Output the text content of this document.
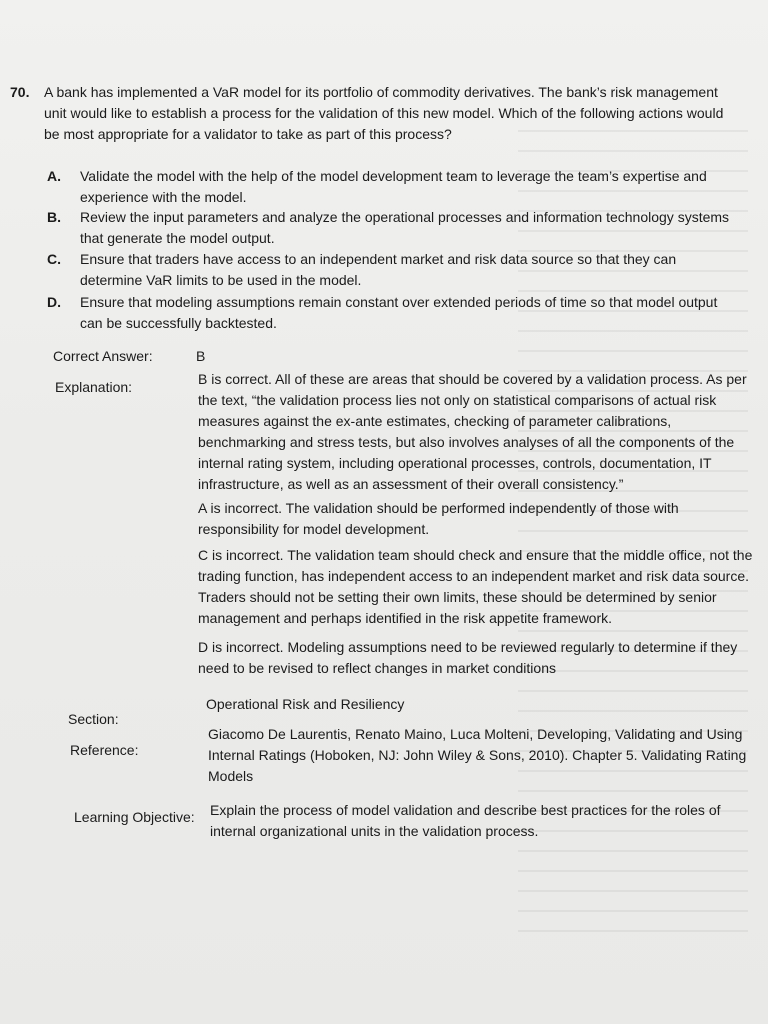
70. A bank has implemented a VaR model for its portfolio of commodity derivatives. The bank’s risk management unit would like to establish a process for the validation of this new model. Which of the following actions would be most appropriate for a validator to take as part of this process?
A. Validate the model with the help of the model development team to leverage the team’s expertise and experience with the model.
B. Review the input parameters and analyze the operational processes and information technology systems that generate the model output.
C. Ensure that traders have access to an independent market and risk data source so that they can determine VaR limits to be used in the model.
D. Ensure that modeling assumptions remain constant over extended periods of time so that model output can be successfully backtested.
Correct Answer:	B
Explanation:	B is correct. All of these are areas that should be covered by a validation process. As per the text, “the validation process lies not only on statistical comparisons of actual risk measures against the ex-ante estimates, checking of parameter calibrations, benchmarking and stress tests, but also involves analyses of all the components of the internal rating system, including operational processes, controls, documentation, IT infrastructure, as well as an assessment of their overall consistency.”
A is incorrect. The validation should be performed independently of those with responsibility for model development.
C is incorrect. The validation team should check and ensure that the middle office, not the trading function, has independent access to an independent market and risk data source. Traders should not be setting their own limits, these should be determined by senior management and perhaps identified in the risk appetite framework.
D is incorrect. Modeling assumptions need to be reviewed regularly to determine if they need to be revised to reflect changes in market conditions
Section:
Operational Risk and Resiliency
Reference:
Giacomo De Laurentis, Renato Maino, Luca Molteni, Developing, Validating and Using Internal Ratings (Hoboken, NJ: John Wiley & Sons, 2010). Chapter 5. Validating Rating Models
Learning Objective: Explain the process of model validation and describe best practices for the roles of internal organizational units in the validation process.
